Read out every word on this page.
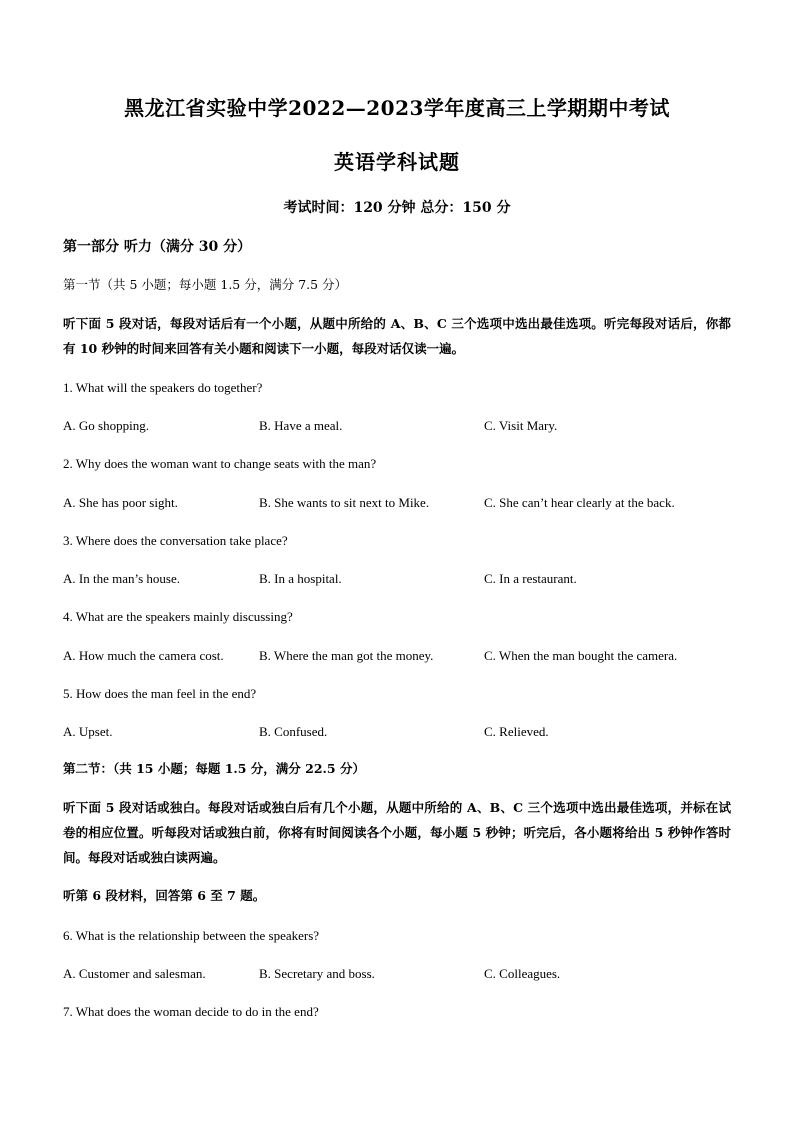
黑龙江省实验中学2022—2023学年度高三上学期期中考试
英语学科试题
考试时间：120 分钟 总分：150 分
第一部分 听力（满分 30 分）
第一节（共 5 小题；每小题 1.5 分，满分 7.5 分）
听下面 5 段对话，每段对话后有一个小题，从题中所给的 A、B、C 三个选项中选出最佳选项。听完每段对话后，你都有 10 秒钟的时间来回答有关小题和阅读下一小题，每段对话仅读一遍。
1. What will the speakers do together?
A. Go shopping.	B. Have a meal.	C. Visit Mary.
2. Why does the woman want to change seats with the man?
A. She has poor sight.	B. She wants to sit next to Mike.	C. She can’t hear clearly at the back.
3. Where does the conversation take place?
A. In the man’s house.	B. In a hospital.	C. In a restaurant.
4. What are the speakers mainly discussing?
A. How much the camera cost.	B. Where the man got the money.	C. When the man bought the camera.
5. How does the man feel in the end?
A. Upset.	B. Confused.	C. Relieved.
第二节：（共 15 小题；每题 1.5 分，满分 22.5 分）
听下面 5 段对话或独白。每段对话或独白后有几个小题，从题中所给的 A、B、C 三个选项中选出最佳选项，并标在试卷的相应位置。听每段对话或独白前，你将有时间阅读各个小题，每小题 5 秒钟；听完后，各小题将给出 5 秒钟作答时间。每段对话或独白读两遍。
听第 6 段材料，回答第 6 至 7 题。
6. What is the relationship between the speakers?
A. Customer and salesman.	B. Secretary and boss.	C. Colleagues.
7. What does the woman decide to do in the end?
